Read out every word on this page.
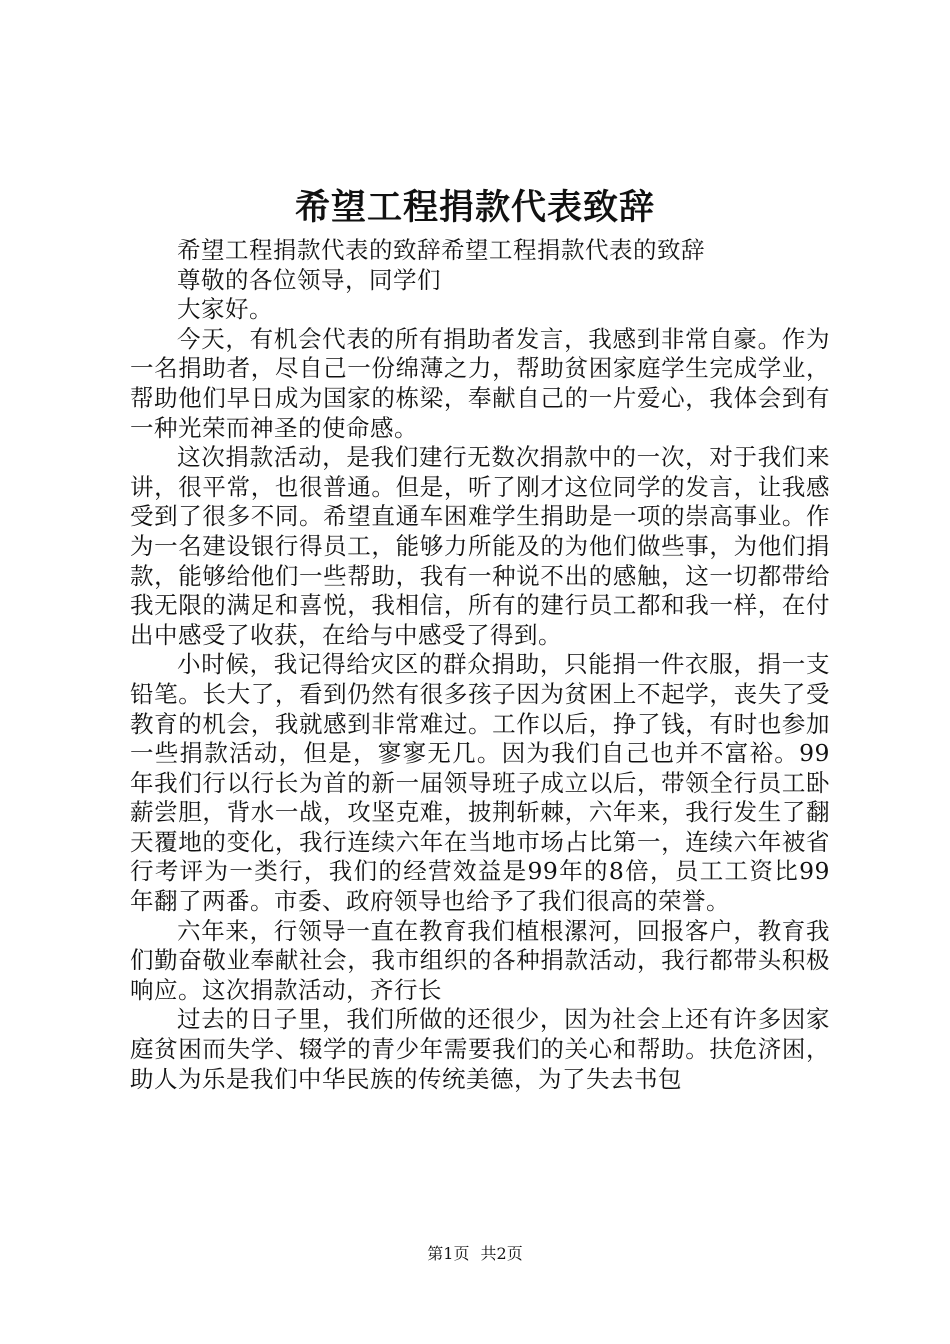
希望工程捐款代表致辞

希望工程捐款代表的致辞希望工程捐款代表的致辞

尊敬的各位领导，同学们

大家好。

今天，有机会代表的所有捐助者发言，我感到非常自豪。作为一名捐助者，尽自己一份绵薄之力，帮助贫困家庭学生完成学业，帮助他们早日成为国家的栋梁，奉献自己的一片爱心，我体会到有一种光荣而神圣的使命感。

这次捐款活动，是我们建行无数次捐款中的一次，对于我们来讲，很平常，也很普通。但是，听了刚才这位同学的发言，让我感受到了很多不同。希望直通车困难学生捐助是一项的崇高事业。作为一名建设银行得员工，能够力所能及的为他们做些事，为他们捐款，能够给他们一些帮助，我有一种说不出的感触，这一切都带给我无限的满足和喜悦，我相信，所有的建行员工都和我一样，在付出中感受了收获，在给与中感受了得到。

小时候，我记得给灾区的群众捐助，只能捐一件衣服，捐一支铅笔。长大了，看到仍然有很多孩子因为贫困上不起学，丧失了受教育的机会，我就感到非常难过。工作以后，挣了钱，有时也参加一些捐款活动，但是，寥寥无几。因为我们自己也并不富裕。99年我们行以行长为首的新一届领导班子成立以后，带领全行员工卧薪尝胆，背水一战，攻坚克难，披荆斩棘，六年来，我行发生了翻天覆地的变化，我行连续六年在当地市场占比第一，连续六年被省行考评为一类行，我们的经营效益是99年的8倍，员工工资比99年翻了两番。市委、政府领导也给予了我们很高的荣誉。

六年来，行领导一直在教育我们植根漯河，回报客户，教育我们勤奋敬业奉献社会，我市组织的各种捐款活动，我行都带头积极响应。这次捐款活动，齐行长

过去的日子里，我们所做的还很少，因为社会上还有许多因家庭贫困而失学、辍学的青少年需要我们的关心和帮助。扶危济困，助人为乐是我们中华民族的传统美德，为了失去书包

第1页 共2页
